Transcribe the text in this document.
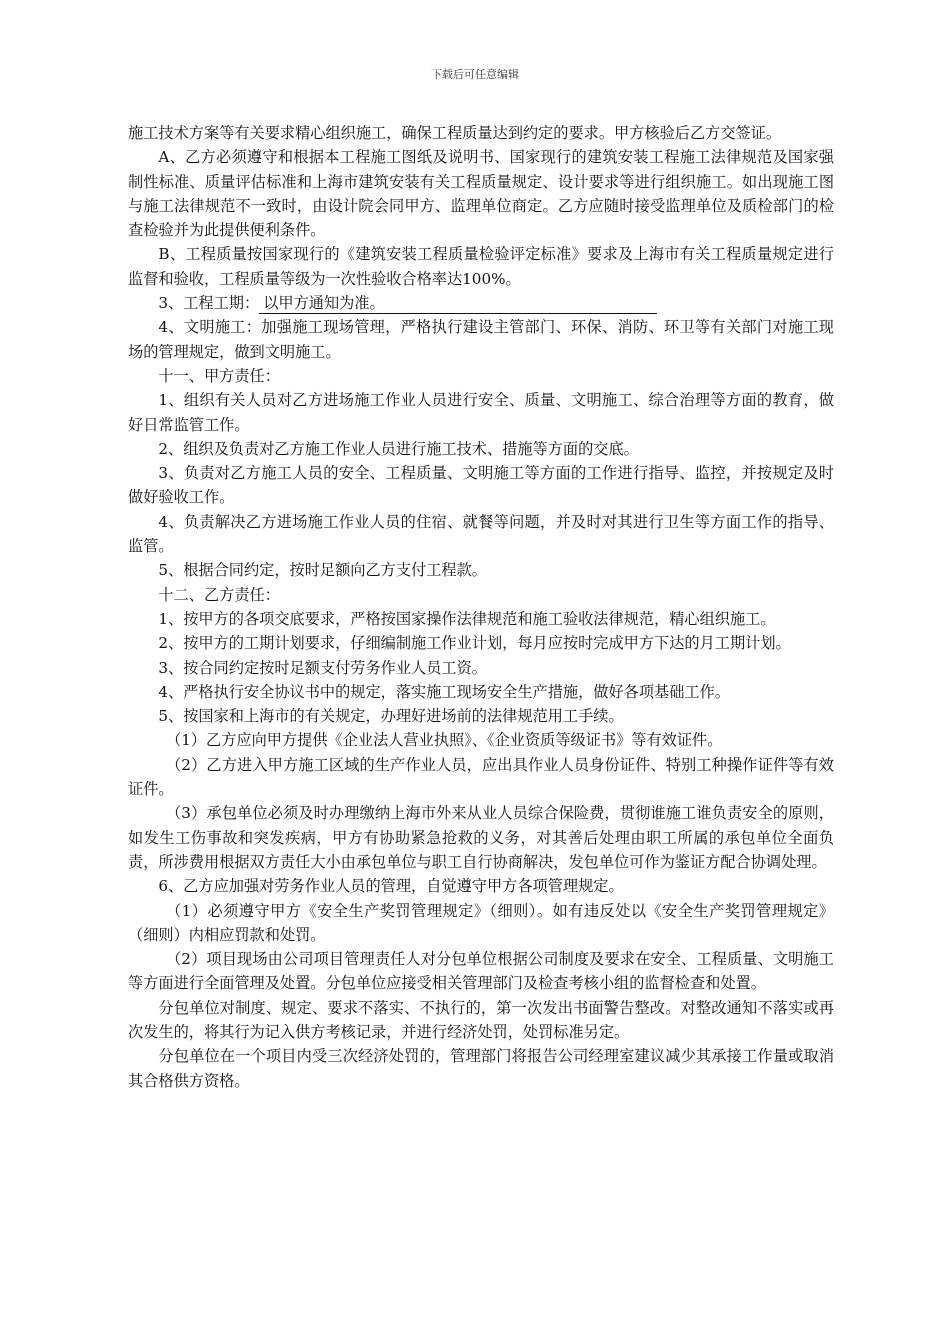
下载后可任意编辑

施工技术方案等有关要求精心组织施工，确保工程质量达到约定的要求。甲方核验后乙方交签证。

A、乙方必须遵守和根据本工程施工图纸及说明书、国家现行的建筑安装工程施工法律规范及国家强制性标准、质量评估标准和上海市建筑安装有关工程质量规定、设计要求等进行组织施工。如出现施工图与施工法律规范不一致时，由设计院会同甲方、监理单位商定。乙方应随时接受监理单位及质检部门的检查检验并为此提供便利条件。

B、工程质量按国家现行的《建筑安装工程质量检验评定标准》要求及上海市有关工程质量规定进行监督和验收，工程质量等级为一次性验收合格率达100%。

3、工程工期： 以甲方通知为准。

4、文明施工：加强施工现场管理，严格执行建设主管部门、环保、消防、环卫等有关部门对施工现场的管理规定，做到文明施工。

十一、甲方责任：

1、组织有关人员对乙方进场施工作业人员进行安全、质量、文明施工、综合治理等方面的教育，做好日常监管工作。

2、组织及负责对乙方施工作业人员进行施工技术、措施等方面的交底。

3、负责对乙方施工人员的安全、工程质量、文明施工等方面的工作进行指导、监控，并按规定及时做好验收工作。

4、负责解决乙方进场施工作业人员的住宿、就餐等问题，并及时对其进行卫生等方面工作的指导、监管。

5、根据合同约定，按时足额向乙方支付工程款。

十二、乙方责任：

1、按甲方的各项交底要求，严格按国家操作法律规范和施工验收法律规范，精心组织施工。

2、按甲方的工期计划要求，仔细编制施工作业计划，每月应按时完成甲方下达的月工期计划。

3、按合同约定按时足额支付劳务作业人员工资。

4、严格执行安全协议书中的规定，落实施工现场安全生产措施，做好各项基础工作。

5、按国家和上海市的有关规定，办理好进场前的法律规范用工手续。

（1）乙方应向甲方提供《企业法人营业执照》、《企业资质等级证书》等有效证件。

（2）乙方进入甲方施工区域的生产作业人员，应出具作业人员身份证件、特别工种操作证件等有效证件。

（3）承包单位必须及时办理缴纳上海市外来从业人员综合保险费，贯彻谁施工谁负责安全的原则，如发生工伤事故和突发疾病，甲方有协助紧急抢救的义务，对其善后处理由职工所属的承包单位全面负责，所涉费用根据双方责任大小由承包单位与职工自行协商解决，发包单位可作为鉴证方配合协调处理。

6、乙方应加强对劳务作业人员的管理，自觉遵守甲方各项管理规定。

（1）必须遵守甲方《安全生产奖罚管理规定》（细则）。如有违反处以《安全生产奖罚管理规定》（细则）内相应罚款和处罚。

（2）项目现场由公司项目管理责任人对分包单位根据公司制度及要求在安全、工程质量、文明施工等方面进行全面管理及处置。分包单位应接受相关管理部门及检查考核小组的监督检查和处置。

分包单位对制度、规定、要求不落实、不执行的，第一次发出书面警告整改。对整改通知不落实或再次发生的，将其行为记入供方考核记录，并进行经济处罚，处罚标准另定。

分包单位在一个项目内受三次经济处罚的，管理部门将报告公司经理室建议减少其承接工作量或取消其合格供方资格。
